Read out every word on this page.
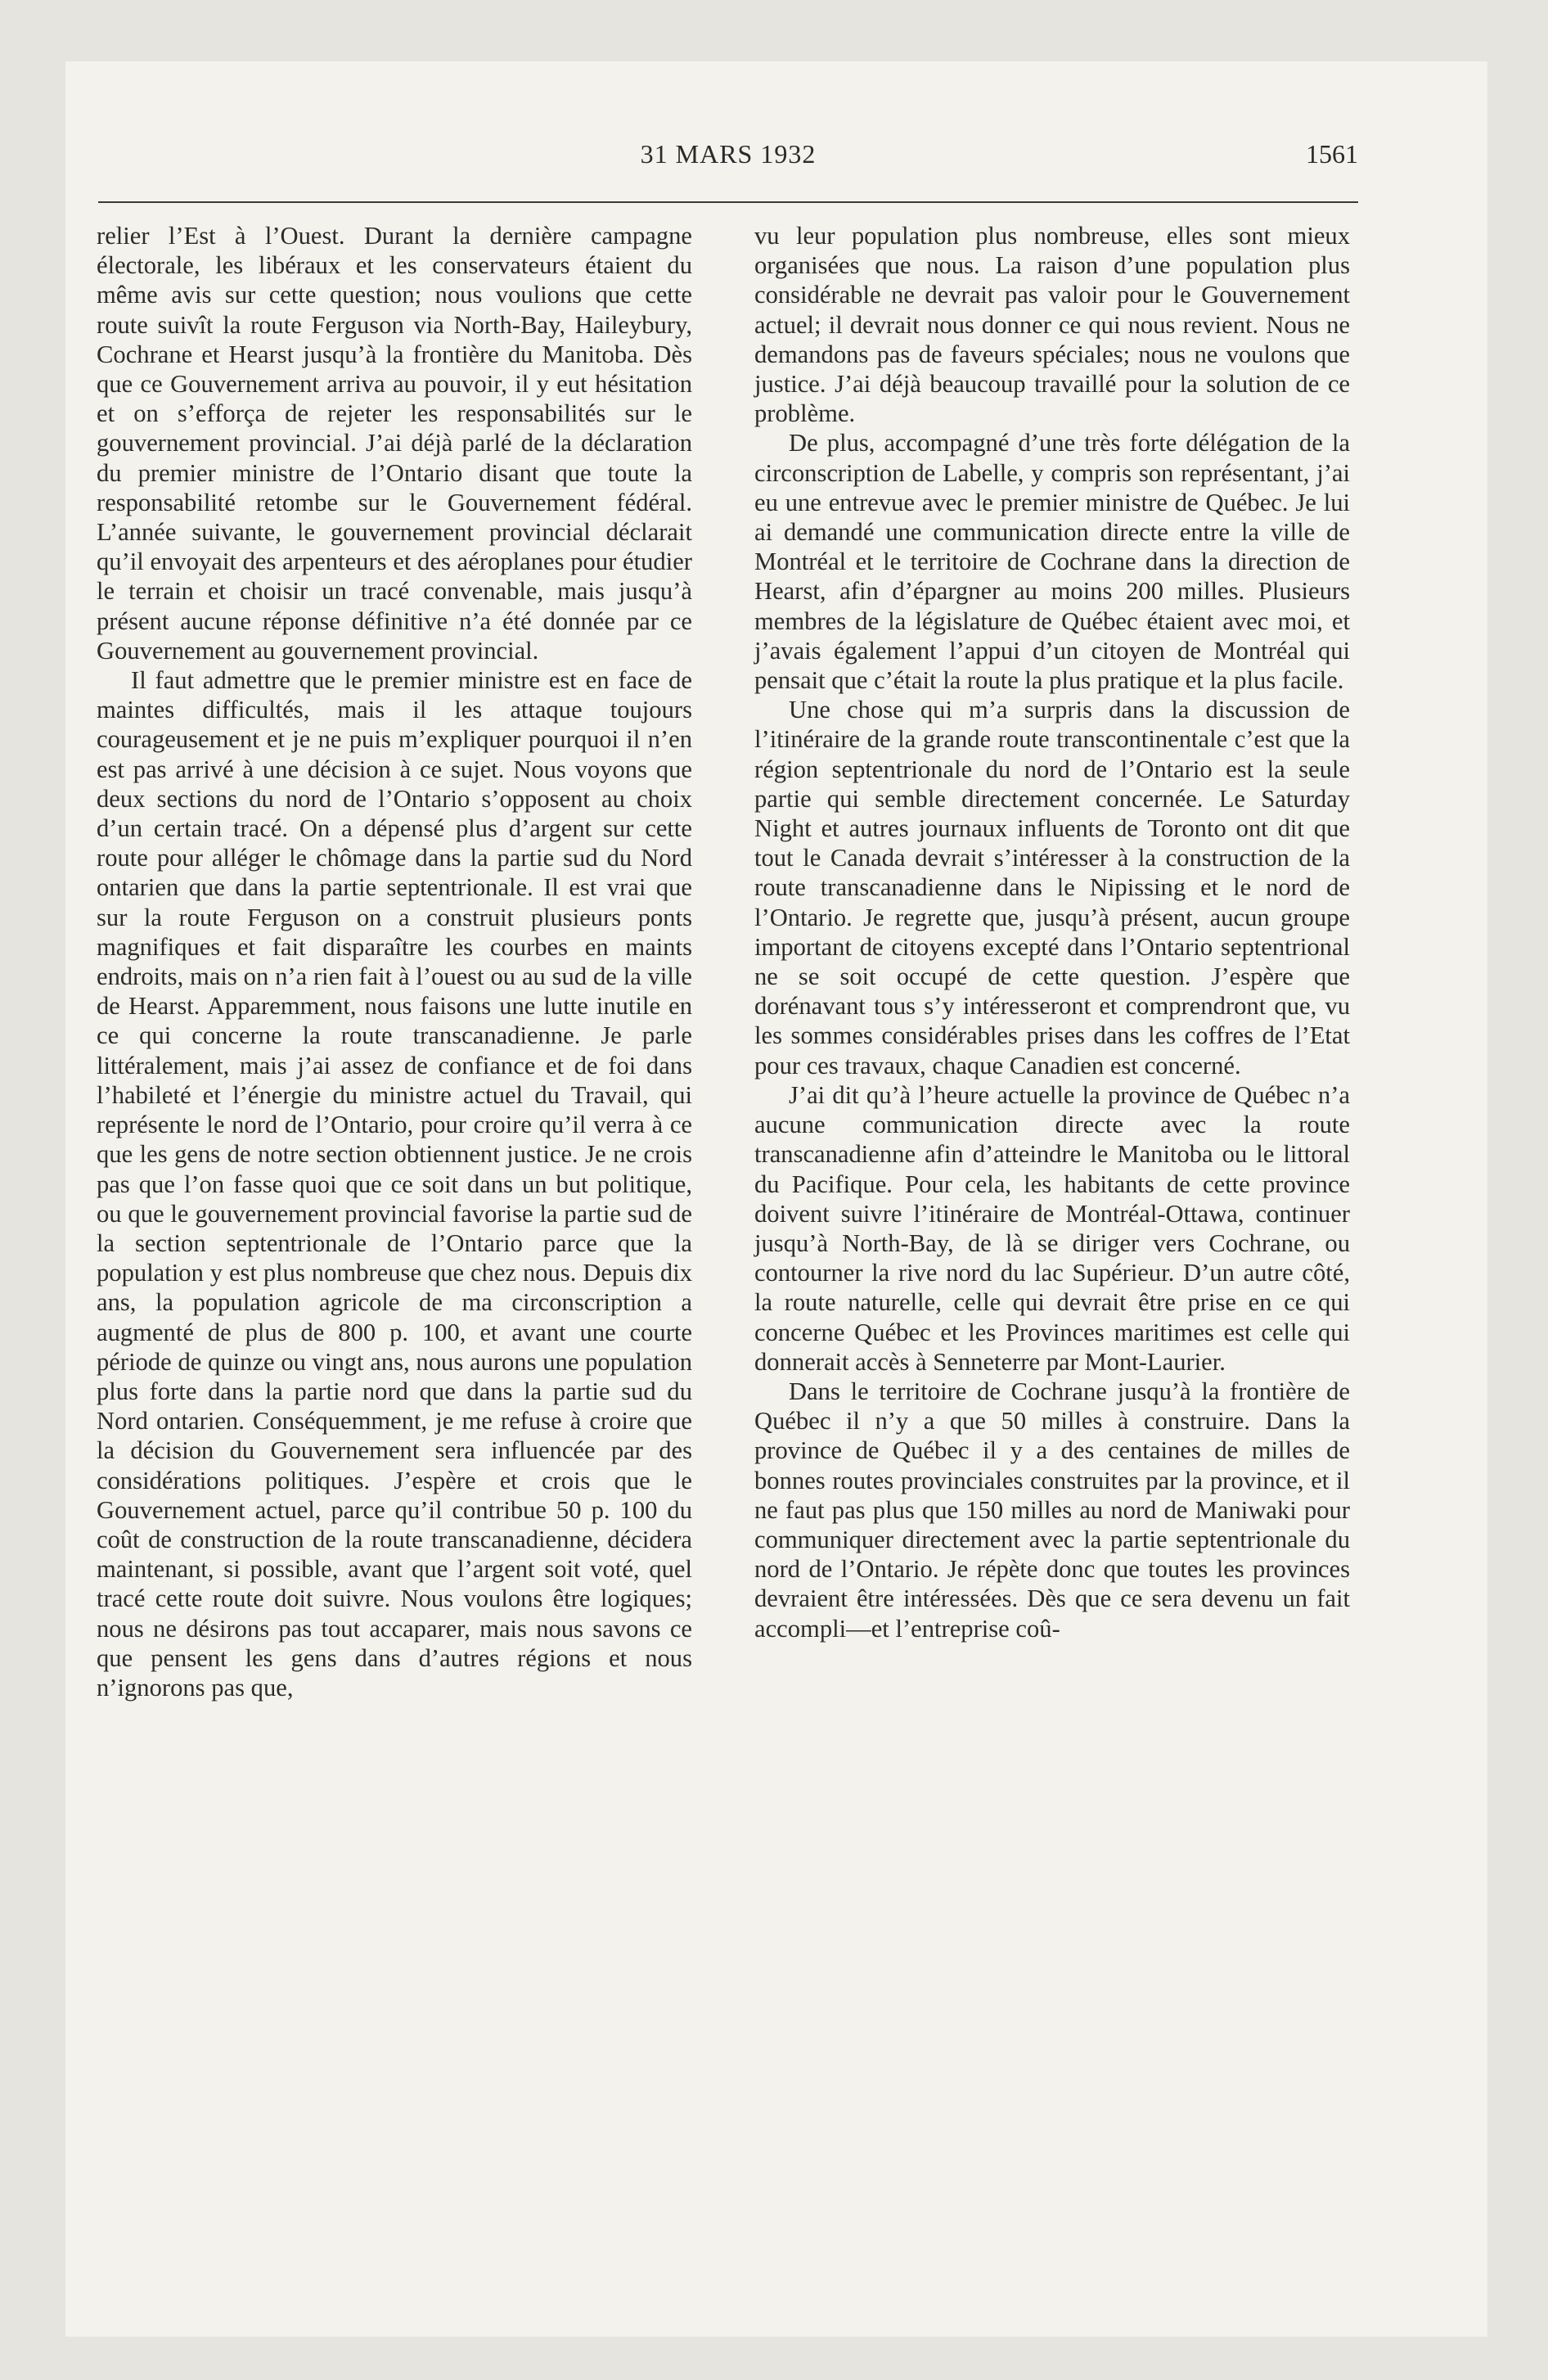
31 MARS 1932	1561

relier l’Est à l’Ouest. Durant la dernière campagne électorale, les libéraux et les conservateurs étaient du même avis sur cette question; nous voulions que cette route suivît la route Ferguson via North-Bay, Haileybury, Cochrane et Hearst jusqu’à la frontière du Manitoba. Dès que ce Gouvernement arriva au pouvoir, il y eut hésitation et on s’efforça de rejeter les responsabilités sur le gouvernement provincial. J’ai déjà parlé de la déclaration du premier ministre de l’Ontario disant que toute la responsabilité retombe sur le Gouvernement fédéral. L’année suivante, le gouvernement provincial déclarait qu’il envoyait des arpenteurs et des aéroplanes pour étudier le terrain et choisir un tracé convenable, mais jusqu’à présent aucune réponse définitive n’a été donnée par ce Gouvernement au gouvernement provincial.

Il faut admettre que le premier ministre est en face de maintes difficultés, mais il les attaque toujours courageusement et je ne puis m’expliquer pourquoi il n’en est pas arrivé à une décision à ce sujet. Nous voyons que deux sections du nord de l’Ontario s’opposent au choix d’un certain tracé. On a dépensé plus d’argent sur cette route pour alléger le chômage dans la partie sud du Nord ontarien que dans la partie septentrionale. Il est vrai que sur la route Ferguson on a construit plusieurs ponts magnifiques et fait disparaître les courbes en maints endroits, mais on n’a rien fait à l’ouest ou au sud de la ville de Hearst. Apparemment, nous faisons une lutte inutile en ce qui concerne la route transcanadienne. Je parle littéralement, mais j’ai assez de confiance et de foi dans l’habileté et l’énergie du ministre actuel du Travail, qui représente le nord de l’Ontario, pour croire qu’il verra à ce que les gens de notre section obtiennent justice. Je ne crois pas que l’on fasse quoi que ce soit dans un but politique, ou que le gouvernement provincial favorise la partie sud de la section septentrionale de l’Ontario parce que la population y est plus nombreuse que chez nous. Depuis dix ans, la population agricole de ma circonscription a augmenté de plus de 800 p. 100, et avant une courte période de quinze ou vingt ans, nous aurons une population plus forte dans la partie nord que dans la partie sud du Nord ontarien. Conséquemment, je me refuse à croire que la décision du Gouvernement sera influencée par des considérations politiques. J’espère et crois que le Gouvernement actuel, parce qu’il contribue 50 p. 100 du coût de construction de la route transcanadienne, décidera maintenant, si possible, avant que l’argent soit voté, quel tracé cette route doit suivre. Nous voulons être logiques; nous ne désirons pas tout accaparer, mais nous savons ce que pensent les gens dans d’autres régions et nous n’ignorons pas que,

vu leur population plus nombreuse, elles sont mieux organisées que nous. La raison d’une population plus considérable ne devrait pas valoir pour le Gouvernement actuel; il devrait nous donner ce qui nous revient. Nous ne demandons pas de faveurs spéciales; nous ne voulons que justice. J’ai déjà beaucoup travaillé pour la solution de ce problème.

De plus, accompagné d’une très forte délégation de la circonscription de Labelle, y compris son représentant, j’ai eu une entrevue avec le premier ministre de Québec. Je lui ai demandé une communication directe entre la ville de Montréal et le territoire de Cochrane dans la direction de Hearst, afin d’épargner au moins 200 milles. Plusieurs membres de la législature de Québec étaient avec moi, et j’avais également l’appui d’un citoyen de Montréal qui pensait que c’était la route la plus pratique et la plus facile.

Une chose qui m’a surpris dans la discussion de l’itinéraire de la grande route transcontinentale c’est que la région septentrionale du nord de l’Ontario est la seule partie qui semble directement concernée. Le Saturday Night et autres journaux influents de Toronto ont dit que tout le Canada devrait s’intéresser à la construction de la route transcanadienne dans le Nipissing et le nord de l’Ontario. Je regrette que, jusqu’à présent, aucun groupe important de citoyens excepté dans l’Ontario septentrional ne se soit occupé de cette question. J’espère que dorénavant tous s’y intéresseront et comprendront que, vu les sommes considérables prises dans les coffres de l’Etat pour ces travaux, chaque Canadien est concerné.

J’ai dit qu’à l’heure actuelle la province de Québec n’a aucune communication directe avec la route transcanadienne afin d’atteindre le Manitoba ou le littoral du Pacifique. Pour cela, les habitants de cette province doivent suivre l’itinéraire de Montréal-Ottawa, continuer jusqu’à North-Bay, de là se diriger vers Cochrane, ou contourner la rive nord du lac Supérieur. D’un autre côté, la route naturelle, celle qui devrait être prise en ce qui concerne Québec et les Provinces maritimes est celle qui donnerait accès à Senneterre par Mont-Laurier.

Dans le territoire de Cochrane jusqu’à la frontière de Québec il n’y a que 50 milles à construire. Dans la province de Québec il y a des centaines de milles de bonnes routes provinciales construites par la province, et il ne faut pas plus que 150 milles au nord de Maniwaki pour communiquer directement avec la partie septentrionale du nord de l’Ontario. Je répète donc que toutes les provinces devraient être intéressées. Dès que ce sera devenu un fait accompli—et l’entreprise coû-
